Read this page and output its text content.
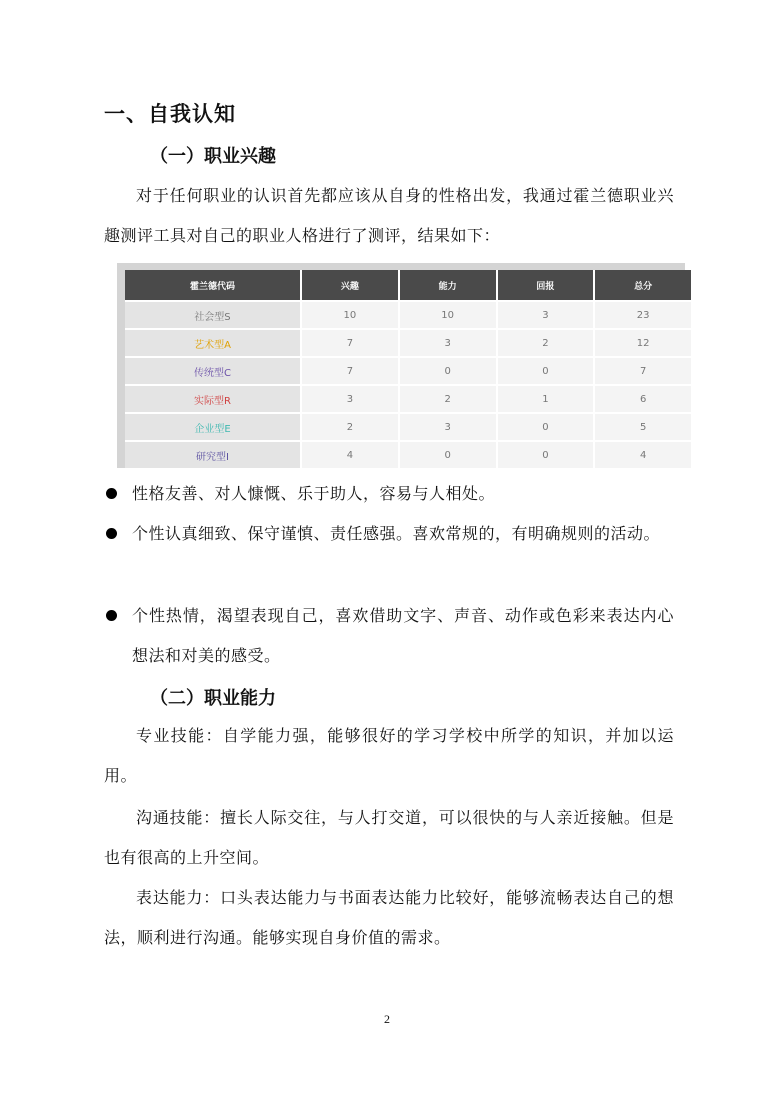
一、自我认知
（一）职业兴趣

对于任何职业的认识首先都应该从自身的性格出发，我通过霍兰德职业兴趣测评工具对自己的职业人格进行了测评，结果如下：

霍兰德代码	兴趣	能力	回报	总分
社会型S	10	10	3	23
艺术型A	7	3	2	12
传统型C	7	0	0	7
实际型R	3	2	1	6
企业型E	2	3	0	5
研究型I	4	0	0	4
性格友善、对人慷慨、乐于助人，容易与人相处。
个性认真细致、保守谨慎、责任感强。喜欢常规的，有明确规则的活动。
个性热情，渴望表现自己，喜欢借助文字、声音、动作或色彩来表达内心想法和对美的感受。
（二）职业能力

专业技能：自学能力强，能够很好的学习学校中所学的知识，并加以运用。

沟通技能：擅长人际交往，与人打交道，可以很快的与人亲近接触。但是也有很高的上升空间。

表达能力：口头表达能力与书面表达能力比较好，能够流畅表达自己的想法，顺利进行沟通。能够实现自身价值的需求。

2
